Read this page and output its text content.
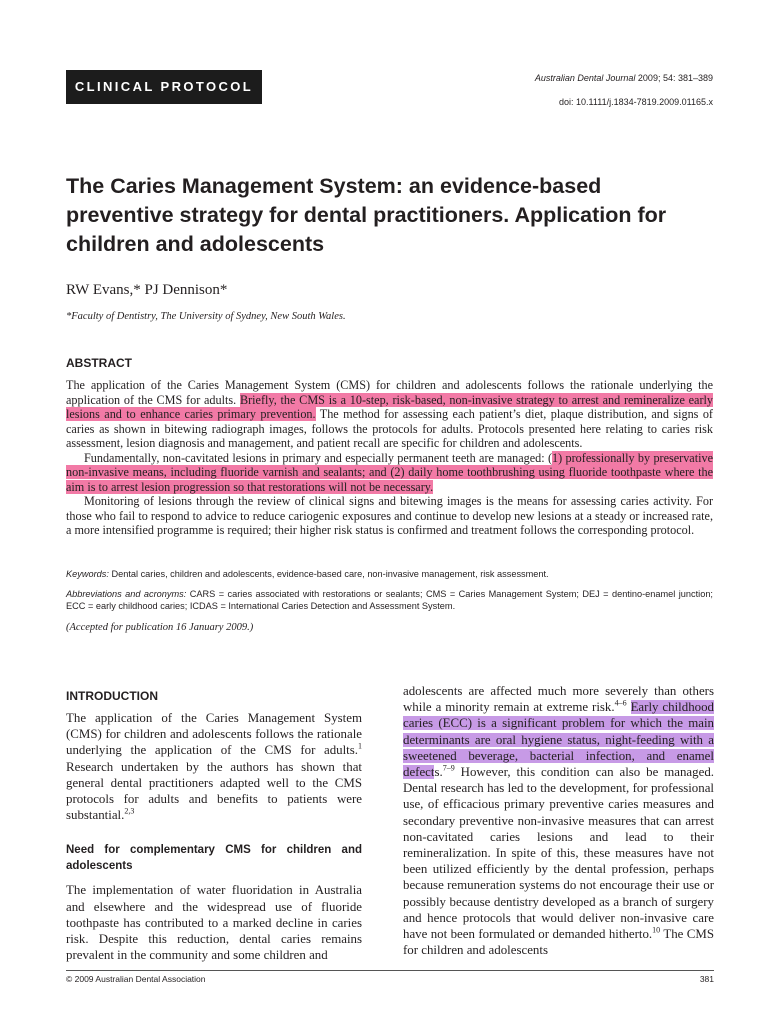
CLINICAL PROTOCOL
Australian Dental Journal 2009; 54: 381–389
doi: 10.1111/j.1834-7819.2009.01165.x
The Caries Management System: an evidence-based preventive strategy for dental practitioners. Application for children and adolescents
RW Evans,* PJ Dennison*
*Faculty of Dentistry, The University of Sydney, New South Wales.
ABSTRACT

The application of the Caries Management System (CMS) for children and adolescents follows the rationale underlying the application of the CMS for adults. Briefly, the CMS is a 10-step, risk-based, non-invasive strategy to arrest and remineralize early lesions and to enhance caries primary prevention. The method for assessing each patient’s diet, plaque distribution, and signs of caries as shown in bitewing radiograph images, follows the protocols for adults. Protocols presented here relating to caries risk assessment, lesion diagnosis and management, and patient recall are specific for children and adolescents.

Fundamentally, non-cavitated lesions in primary and especially permanent teeth are managed: (1) professionally by preservative non-invasive means, including fluoride varnish and sealants; and (2) daily home toothbrushing using fluoride toothpaste where the aim is to arrest lesion progression so that restorations will not be necessary.

Monitoring of lesions through the review of clinical signs and bitewing images is the means for assessing caries activity. For those who fail to respond to advice to reduce cariogenic exposures and continue to develop new lesions at a steady or increased rate, a more intensified programme is required; their higher risk status is confirmed and treatment follows the corresponding protocol.

Keywords: Dental caries, children and adolescents, evidence-based care, non-invasive management, risk assessment.
Abbreviations and acronyms: CARS = caries associated with restorations or sealants; CMS = Caries Management System; DEJ = dentino-enamel junction; ECC = early childhood caries; ICDAS = International Caries Detection and Assessment System.
(Accepted for publication 16 January 2009.)
INTRODUCTION

The application of the Caries Management System (CMS) for children and adolescents follows the rationale underlying the application of the CMS for adults.$^1$ Research undertaken by the authors has shown that general dental practitioners adapted well to the CMS protocols for adults and benefits to patients were substantial.$^{2,3}$

Need for complementary CMS for children and adolescents

The implementation of water fluoridation in Australia and elsewhere and the widespread use of fluoride toothpaste has contributed to a marked decline in caries risk. Despite this reduction, dental caries remains prevalent in the community and some children and

adolescents are affected much more severely than others while a minority remain at extreme risk.$^{4-6}$ Early childhood caries (ECC) is a significant problem for which the main determinants are oral hygiene status, night-feeding with a sweetened beverage, bacterial infection, and enamel defects.$^{7-9}$ However, this condition can also be managed. Dental research has led to the development, for professional use, of efficacious primary preventive caries measures and secondary preventive non-invasive measures that can arrest non-cavitated caries lesions and lead to their remineralization. In spite of this, these measures have not been utilized efficiently by the dental profession, perhaps because remuneration systems do not encourage their use or possibly because dentistry developed as a branch of surgery and hence protocols that would deliver non-invasive care have not been formulated or demanded hitherto.$^{10}$ The CMS for children and adolescents

© 2009 Australian Dental Association	381
